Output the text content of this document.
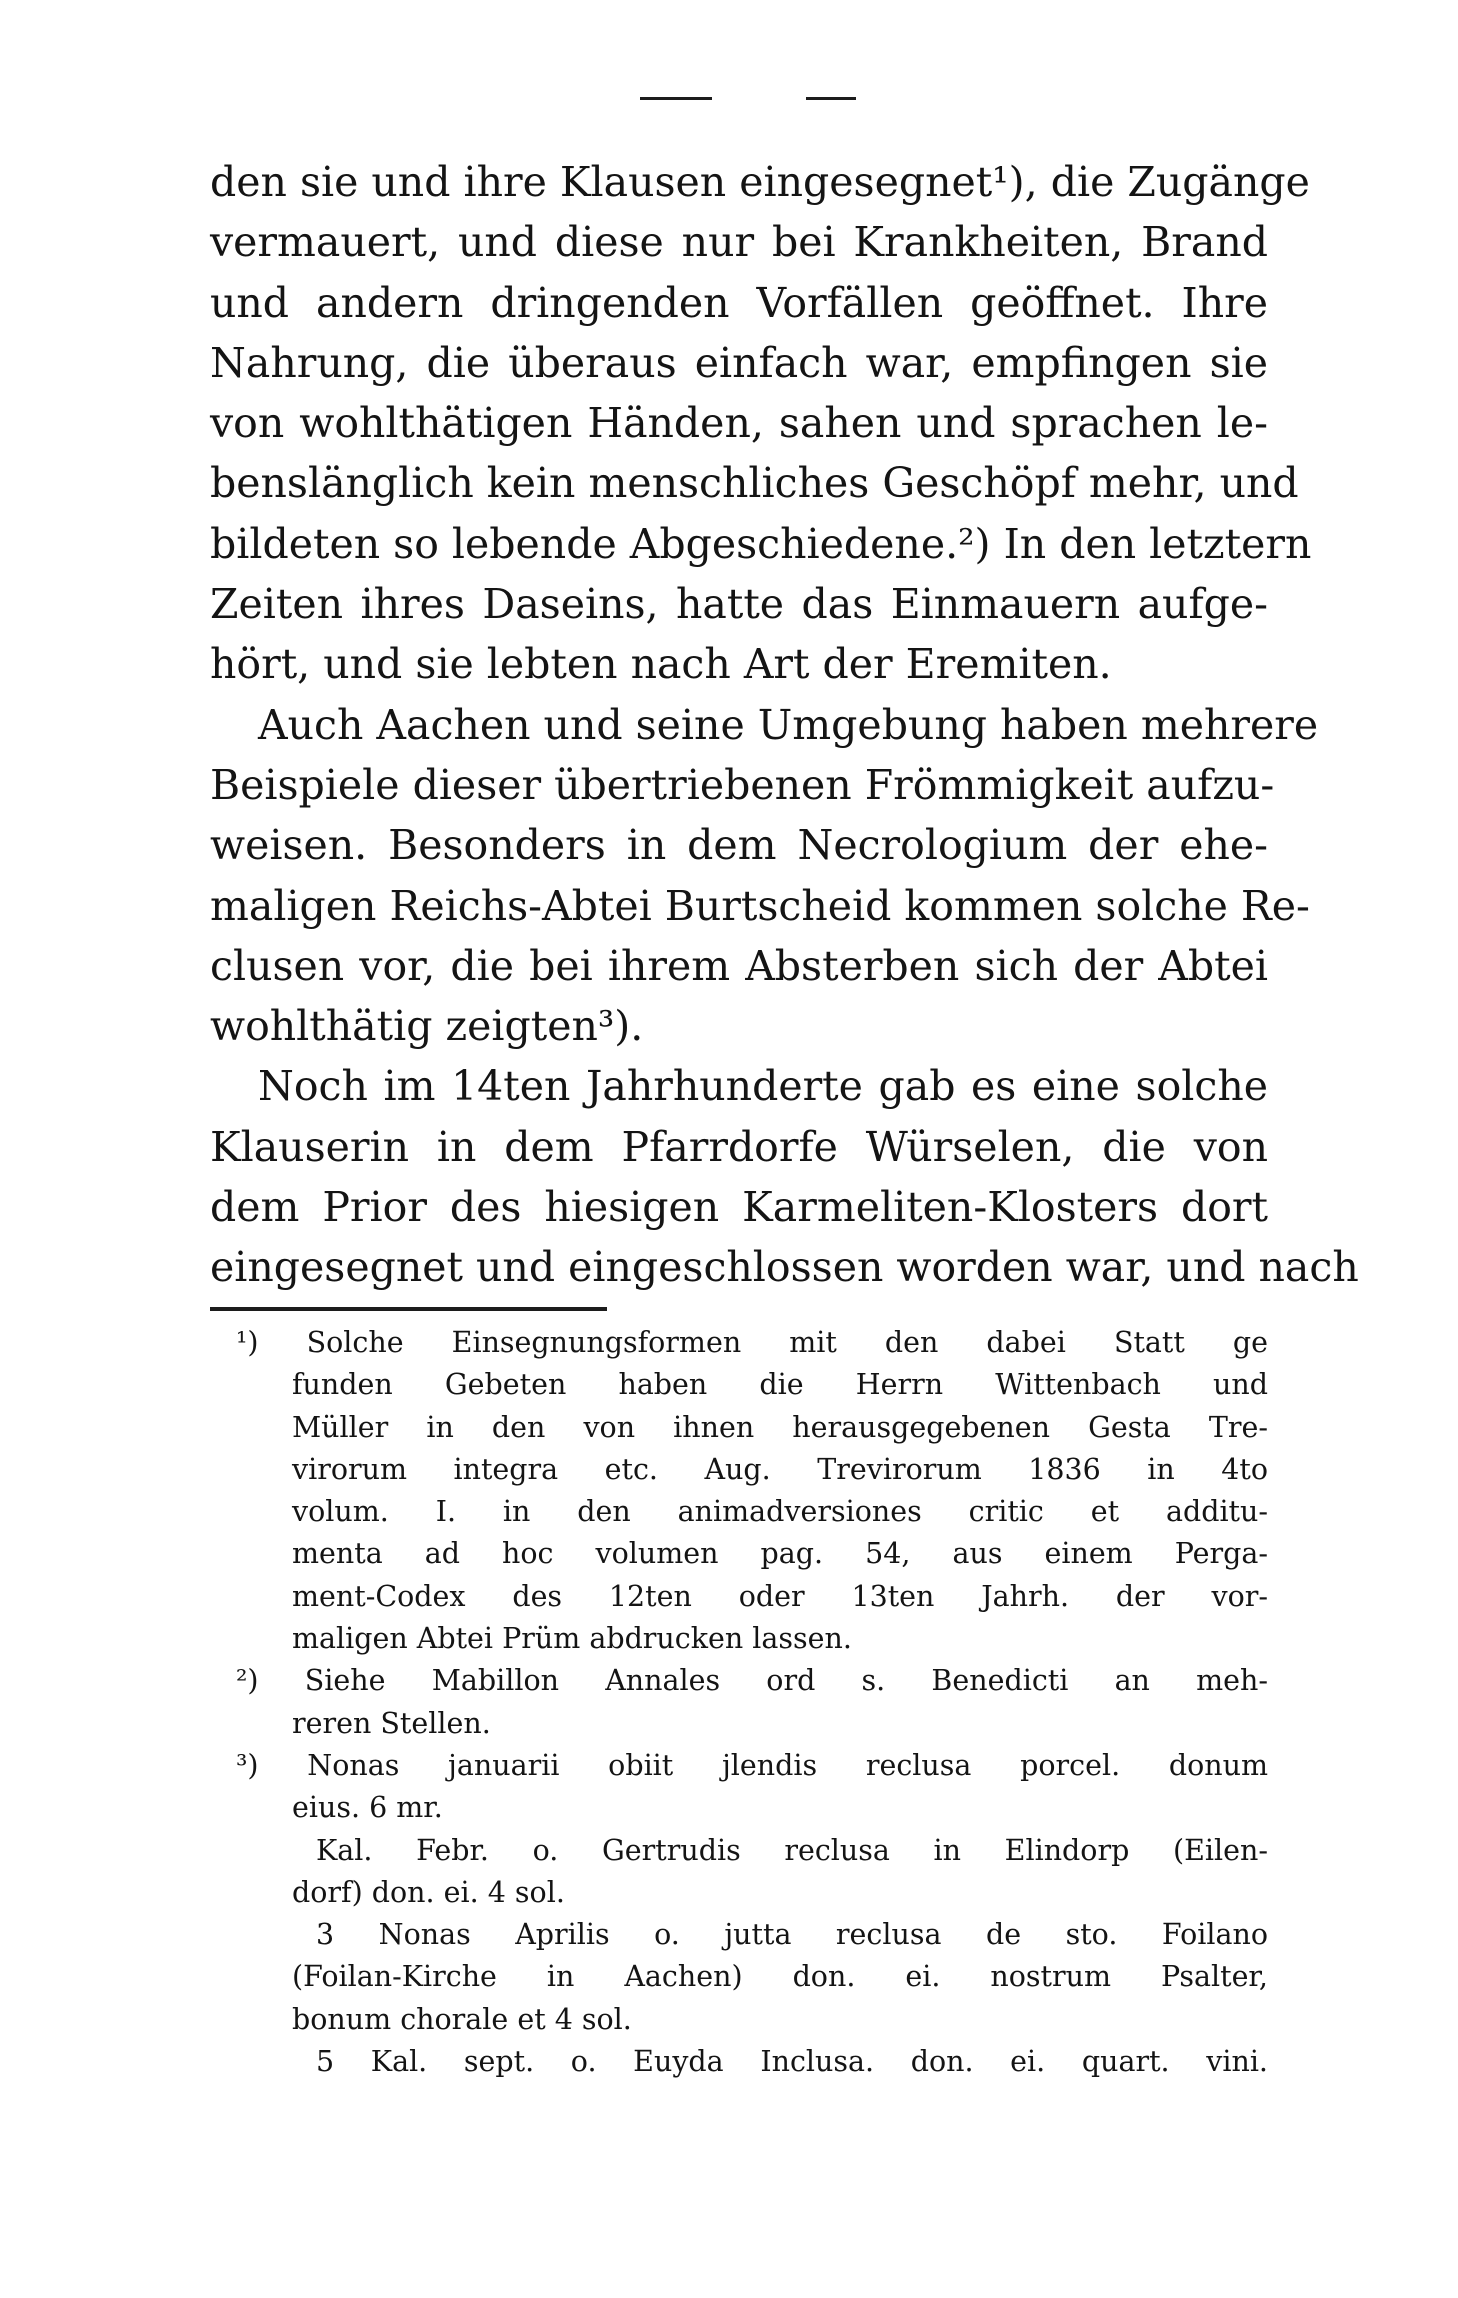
den sie und ihre Klausen eingesegnet¹), die Zugänge
vermauert, und diese nur bei Krankheiten, Brand
und andern dringenden Vorfällen geöffnet. Ihre
Nahrung, die überaus einfach war, empfingen sie
von wohlthätigen Händen, sahen und sprachen le-
benslänglich kein menschliches Geschöpf mehr, und
bildeten so lebende Abgeschiedene.²) In den letztern
Zeiten ihres Daseins, hatte das Einmauern aufge-
hört, und sie lebten nach Art der Eremiten.
Auch Aachen und seine Umgebung haben mehrere
Beispiele dieser übertriebenen Frömmigkeit aufzu-
weisen. Besonders in dem Necrologium der ehe-
maligen Reichs-Abtei Burtscheid kommen solche Re-
clusen vor, die bei ihrem Absterben sich der Abtei
wohlthätig zeigten³).
Noch im 14ten Jahrhunderte gab es eine solche
Klauserin in dem Pfarrdorfe Würselen, die von
dem Prior des hiesigen Karmeliten-Klosters dort
eingesegnet und eingeschlossen worden war, und nach
¹) Solche Einsegnungsformen mit den dabei Statt ge
funden Gebeten haben die Herrn Wittenbach und
Müller in den von ihnen herausgegebenen Gesta Tre-
virorum integra etc. Aug. Trevirorum 1836 in 4to
volum. I. in den animadversiones critic et additu-
menta ad hoc volumen pag. 54, aus einem Perga-
ment-Codex des 12ten oder 13ten Jahrh. der vor-
maligen Abtei Prüm abdrucken lassen.
²) Siehe Mabillon Annales ord s. Benedicti an meh-
reren Stellen.
³) Nonas januarii obiit jlendis reclusa porcel. donum
eius. 6 mr.
Kal. Febr. o. Gertrudis reclusa in Elindorp (Eilen-
dorf) don. ei. 4 sol.
3 Nonas Aprilis o. jutta reclusa de sto. Foilano
(Foilan-Kirche in Aachen) don. ei. nostrum Psalter,
bonum chorale et 4 sol.
5 Kal. sept. o. Euyda Inclusa. don. ei. quart. vini.
